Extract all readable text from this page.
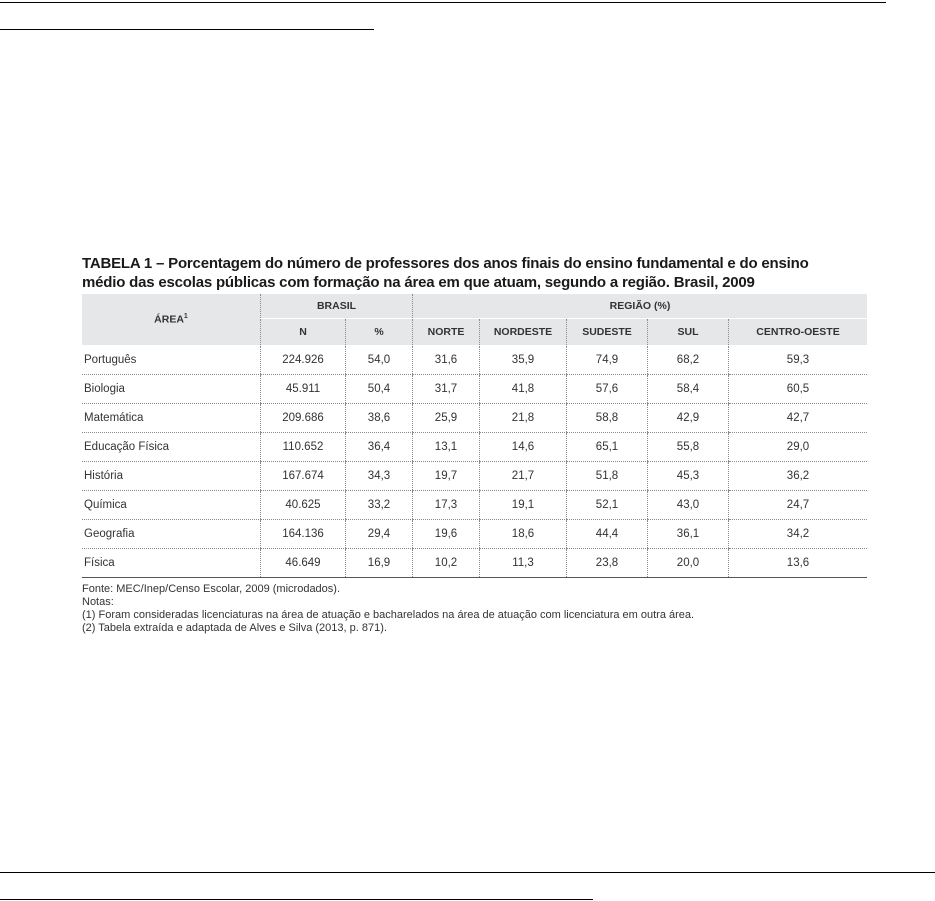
TABELA 1 – Porcentagem do número de professores dos anos finais do ensino fundamental e do ensino
médio das escolas públicas com formação na área em que atuam, segundo a região. Brasil, 2009
ÁREA$^1$	BRASIL		REGIÃO (%)				
	N	%	NORTE	NORDESTE	SUDESTE	SUL	CENTRO-OESTE
Português	224.926	54,0	31,6	35,9	74,9	68,2	59,3
Biologia	45.911	50,4	31,7	41,8	57,6	58,4	60,5
Matemática	209.686	38,6	25,9	21,8	58,8	42,9	42,7
Educação Física	110.652	36,4	13,1	14,6	65,1	55,8	29,0
História	167.674	34,3	19,7	21,7	51,8	45,3	36,2
Química	40.625	33,2	17,3	19,1	52,1	43,0	24,7
Geografia	164.136	29,4	19,6	18,6	44,4	36,1	34,2
Física	46.649	16,9	10,2	11,3	23,8	20,0	13,6
Fonte: MEC/Inep/Censo Escolar, 2009 (microdados).
Notas:
(1) Foram consideradas licenciaturas na área de atuação e bacharelados na área de atuação com licenciatura em outra área.
(2) Tabela extraída e adaptada de Alves e Silva (2013, p. 871).
